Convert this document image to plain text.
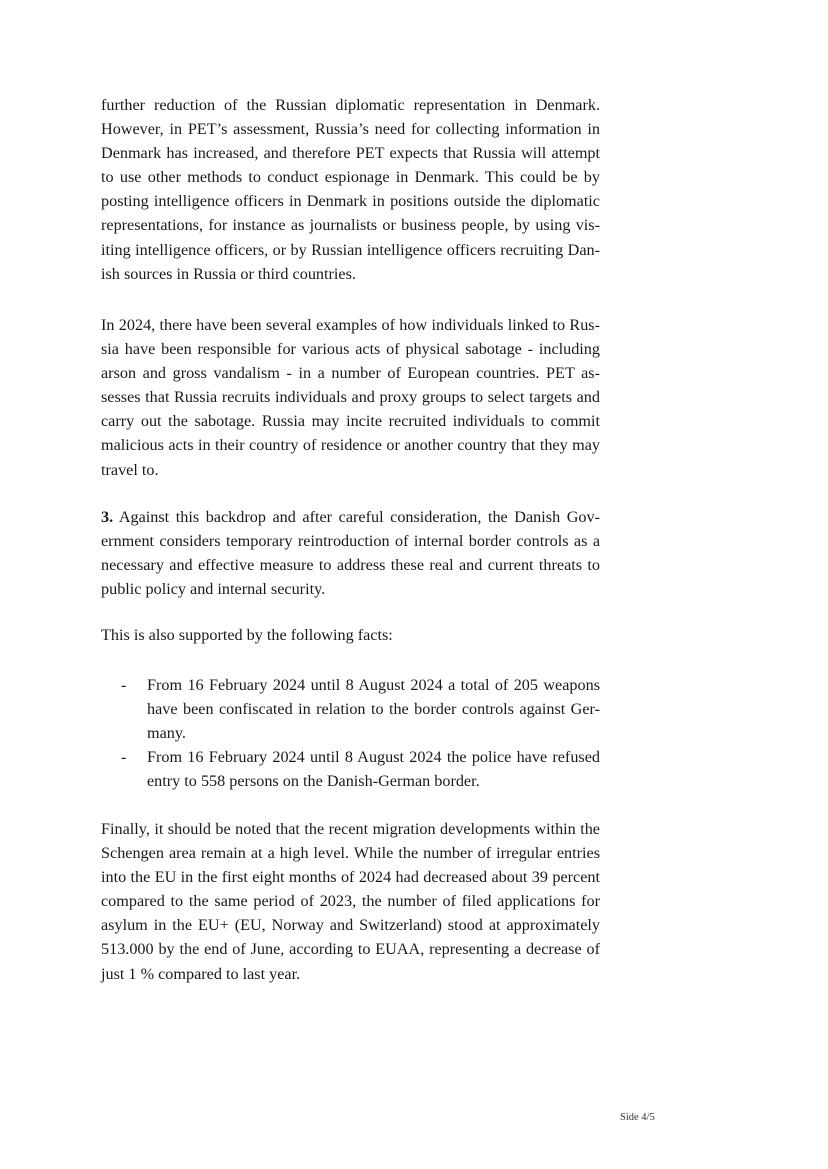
further reduction of the Russian diplomatic representation in Denmark.
However, in PET’s assessment, Russia’s need for collecting information in
Denmark has increased, and therefore PET expects that Russia will attempt
to use other methods to conduct espionage in Denmark. This could be by
posting intelligence officers in Denmark in positions outside the diplomatic
representations, for instance as journalists or business people, by using vis-
iting intelligence officers, or by Russian intelligence officers recruiting Dan-
ish sources in Russia or third countries.

In 2024, there have been several examples of how individuals linked to Rus-
sia have been responsible for various acts of physical sabotage - including
arson and gross vandalism - in a number of European countries. PET as-
sesses that Russia recruits individuals and proxy groups to select targets and
carry out the sabotage. Russia may incite recruited individuals to commit
malicious acts in their country of residence or another country that they may
travel to.

3. Against this backdrop and after careful consideration, the Danish Gov-
ernment considers temporary reintroduction of internal border controls as a
necessary and effective measure to address these real and current threats to
public policy and internal security.

This is also supported by the following facts:

- From 16 February 2024 until 8 August 2024 a total of 205 weapons
have been confiscated in relation to the border controls against Ger-
many.
- From 16 February 2024 until 8 August 2024 the police have refused
entry to 558 persons on the Danish-German border.

Finally, it should be noted that the recent migration developments within the
Schengen area remain at a high level. While the number of irregular entries
into the EU in the first eight months of 2024 had decreased about 39 percent
compared to the same period of 2023, the number of filed applications for
asylum in the EU+ (EU, Norway and Switzerland) stood at approximately
513.000 by the end of June, according to EUAA, representing a decrease of
just 1 % compared to last year.

Side 4/5
